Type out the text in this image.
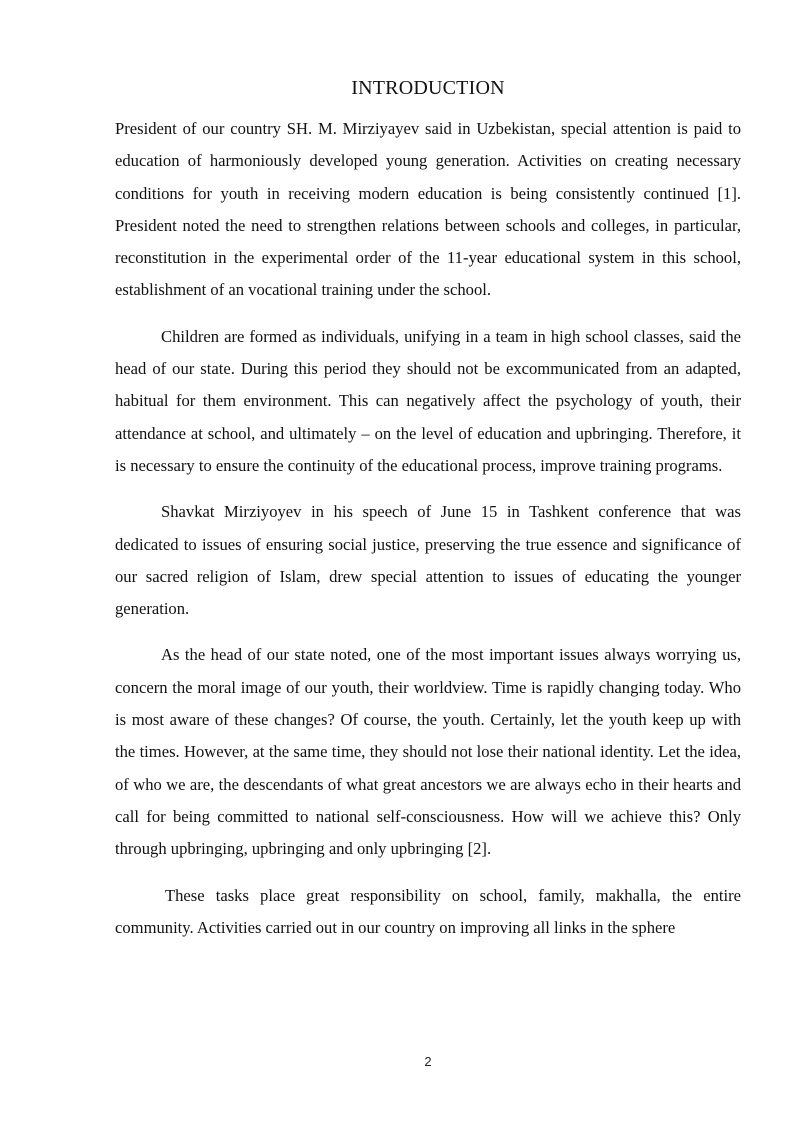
INTRODUCTION

President of our country SH. M. Mirziyayev said in Uzbekistan, special attention is paid to education of harmoniously developed young generation. Activities on creating necessary conditions for youth in receiving modern education is being consistently continued [1]. President noted the need to strengthen relations between schools and colleges, in particular, reconstitution in the experimental order of the 11-year educational system in this school, establishment of an vocational training under the school.

Children are formed as individuals, unifying in a team in high school classes, said the head of our state. During this period they should not be excommunicated from an adapted, habitual for them environment. This can negatively affect the psychology of youth, their attendance at school, and ultimately – on the level of education and upbringing. Therefore, it is necessary to ensure the continuity of the educational process, improve training programs.

Shavkat Mirziyoyev in his speech of June 15 in Tashkent conference that was dedicated to issues of ensuring social justice, preserving the true essence and significance of our sacred religion of Islam, drew special attention to issues of educating the younger generation.

As the head of our state noted, one of the most important issues always worrying us, concern the moral image of our youth, their worldview. Time is rapidly changing today. Who is most aware of these changes? Of course, the youth. Certainly, let the youth keep up with the times. However, at the same time, they should not lose their national identity. Let the idea, of who we are, the descendants of what great ancestors we are always echo in their hearts and call for being committed to national self-consciousness. How will we achieve this? Only through upbringing, upbringing and only upbringing [2].

These tasks place great responsibility on school, family, makhalla, the entire community. Activities carried out in our country on improving all links in the sphere

2
